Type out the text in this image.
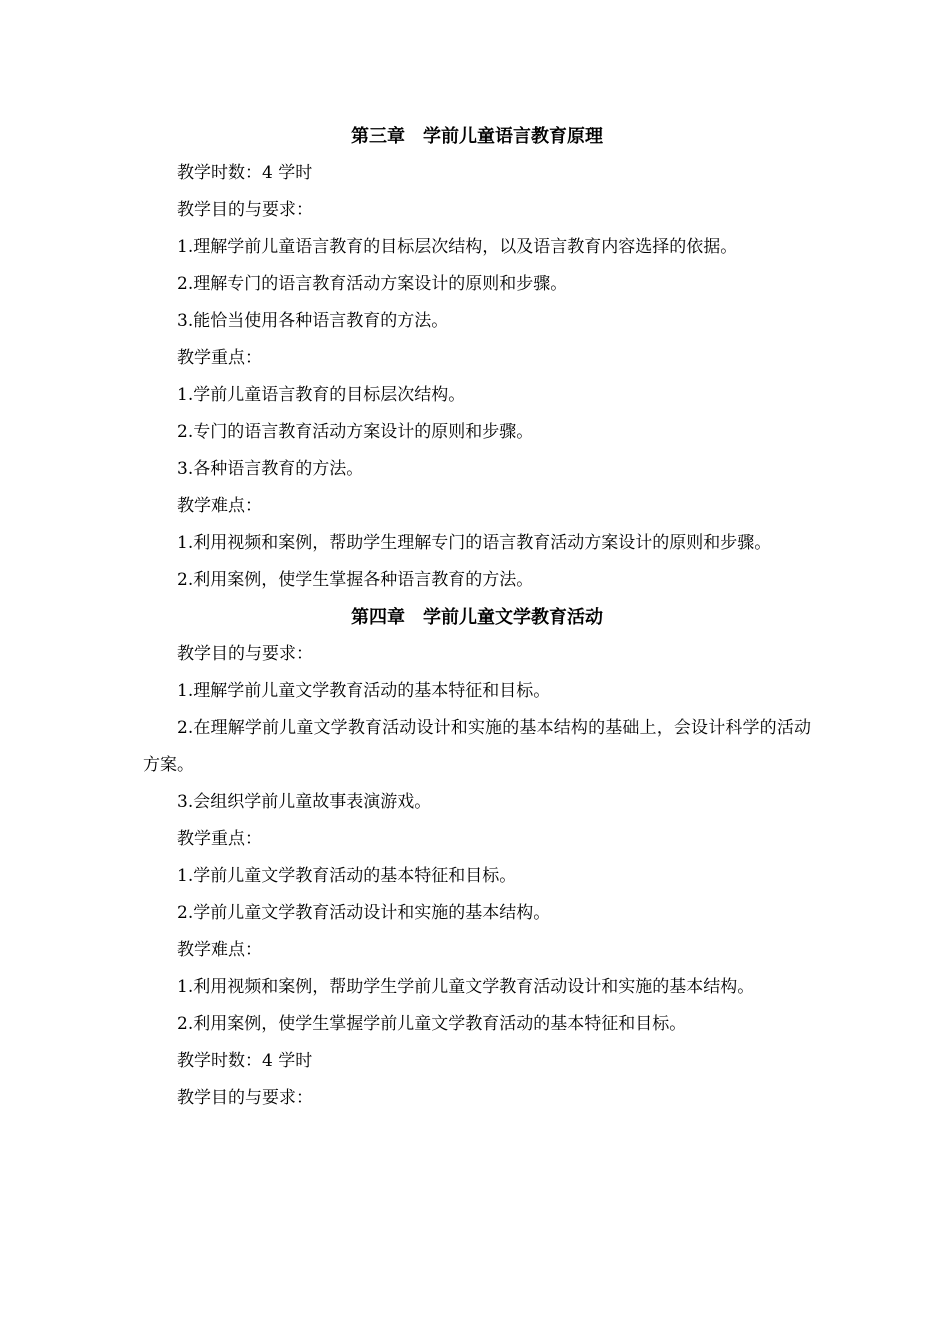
第三章　学前儿童语言教育原理

教学时数：4 学时

教学目的与要求：

1.理解学前儿童语言教育的目标层次结构，以及语言教育内容选择的依据。

2.理解专门的语言教育活动方案设计的原则和步骤。

3.能恰当使用各种语言教育的方法。

教学重点：

1.学前儿童语言教育的目标层次结构。

2.专门的语言教育活动方案设计的原则和步骤。

3.各种语言教育的方法。

教学难点：

1.利用视频和案例，帮助学生理解专门的语言教育活动方案设计的原则和步骤。

2.利用案例，使学生掌握各种语言教育的方法。

第四章　学前儿童文学教育活动

教学目的与要求：

1.理解学前儿童文学教育活动的基本特征和目标。

2.在理解学前儿童文学教育活动设计和实施的基本结构的基础上，会设计科学的活动方案。

3.会组织学前儿童故事表演游戏。

教学重点：

1.学前儿童文学教育活动的基本特征和目标。

2.学前儿童文学教育活动设计和实施的基本结构。

教学难点：

1.利用视频和案例，帮助学生学前儿童文学教育活动设计和实施的基本结构。

2.利用案例，使学生掌握学前儿童文学教育活动的基本特征和目标。

教学时数：4 学时

教学目的与要求：
